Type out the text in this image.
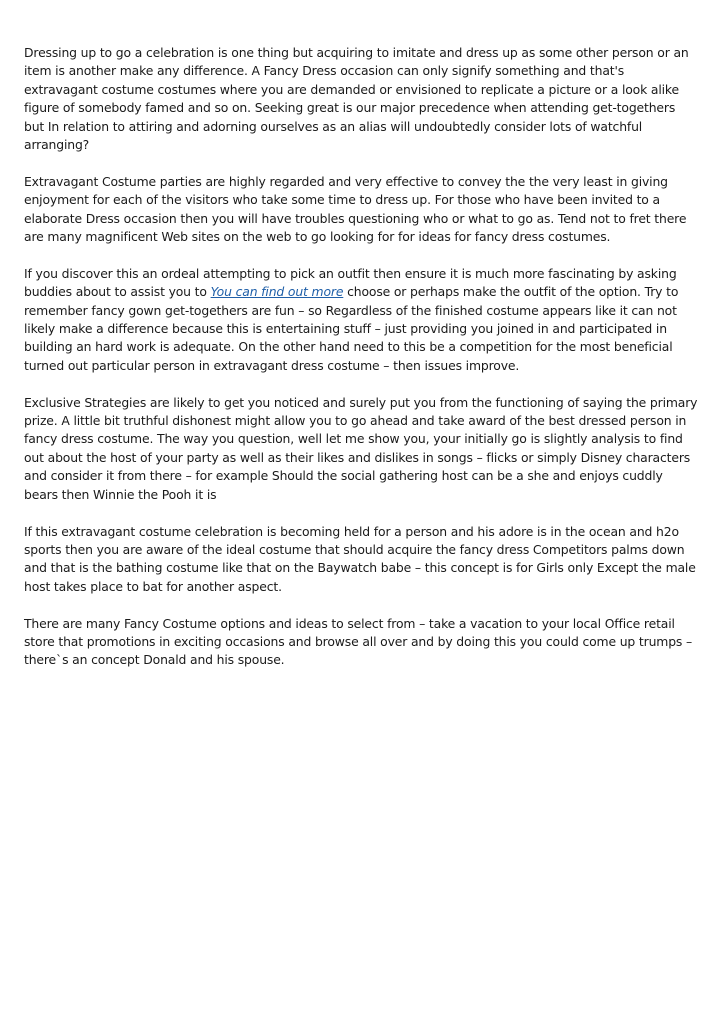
Dressing up to go a celebration is one thing but acquiring to imitate and dress up as some other person or an item is another make any difference. A Fancy Dress occasion can only signify something and that's extravagant costume costumes where you are demanded or envisioned to replicate a picture or a look alike figure of somebody famed and so on. Seeking great is our major precedence when attending get-togethers but In relation to attiring and adorning ourselves as an alias will undoubtedly consider lots of watchful arranging?

Extravagant Costume parties are highly regarded and very effective to convey the the very least in giving enjoyment for each of the visitors who take some time to dress up. For those who have been invited to a elaborate Dress occasion then you will have troubles questioning who or what to go as. Tend not to fret there are many magnificent Web sites on the web to go looking for for ideas for fancy dress costumes.

If you discover this an ordeal attempting to pick an outfit then ensure it is much more fascinating by asking buddies about to assist you to You can find out more choose or perhaps make the outfit of the option. Try to remember fancy gown get-togethers are fun – so Regardless of the finished costume appears like it can not likely make a difference because this is entertaining stuff – just providing you joined in and participated in building an hard work is adequate. On the other hand need to this be a competition for the most beneficial turned out particular person in extravagant dress costume – then issues improve.

Exclusive Strategies are likely to get you noticed and surely put you from the functioning of saying the primary prize. A little bit truthful dishonest might allow you to go ahead and take award of the best dressed person in fancy dress costume. The way you question, well let me show you, your initially go is slightly analysis to find out about the host of your party as well as their likes and dislikes in songs – flicks or simply Disney characters and consider it from there – for example Should the social gathering host can be a she and enjoys cuddly bears then Winnie the Pooh it is

If this extravagant costume celebration is becoming held for a person and his adore is in the ocean and h2o sports then you are aware of the ideal costume that should acquire the fancy dress Competitors palms down and that is the bathing costume like that on the Baywatch babe – this concept is for Girls only Except the male host takes place to bat for another aspect.

There are many Fancy Costume options and ideas to select from – take a vacation to your local Office retail store that promotions in exciting occasions and browse all over and by doing this you could come up trumps – there`s an concept Donald and his spouse.
